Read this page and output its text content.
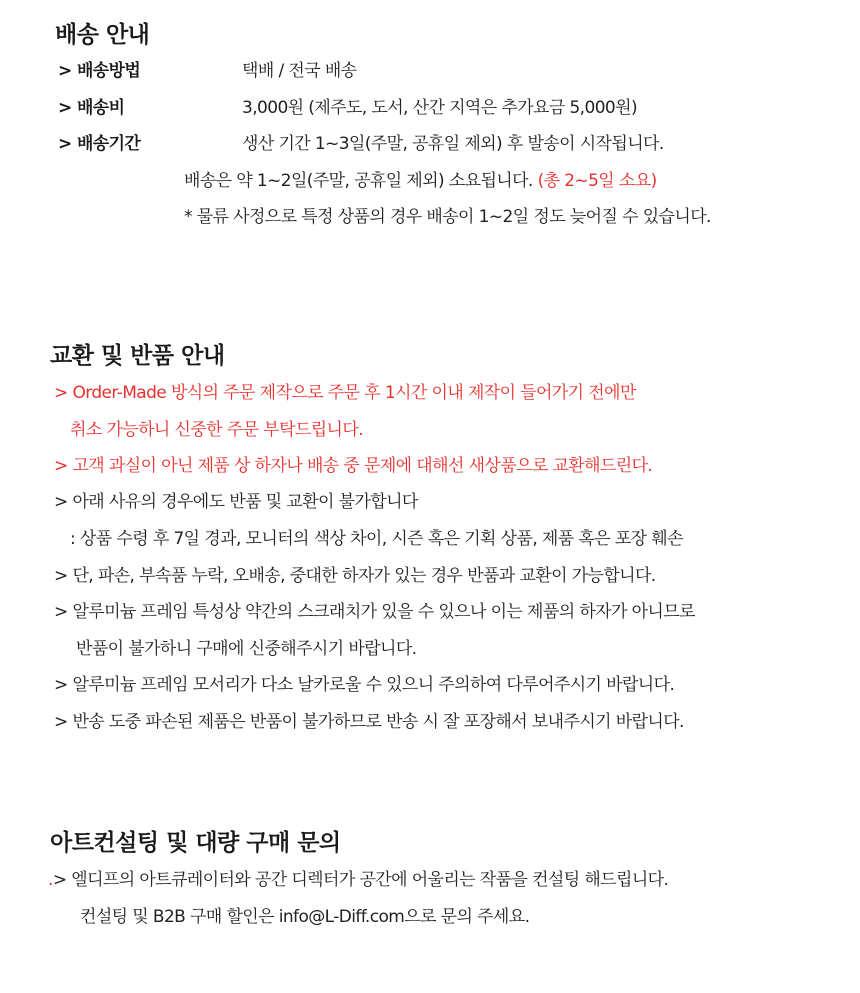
배송 안내
> 배송방법	택배 / 전국 배송
> 배송비	3,000원 (제주도, 도서, 산간 지역은 추가요금 5,000원)
> 배송기간	생산 기간 1~3일(주말, 공휴일 제외) 후 발송이 시작됩니다.
배송은 약 1~2일(주말, 공휴일 제외) 소요됩니다. (총 2~5일 소요)
* 물류 사정으로 특정 상품의 경우 배송이 1~2일 정도 늦어질 수 있습니다.
교환 및 반품 안내
> Order-Made 방식의 주문 제작으로 주문 후 1시간 이내 제작이 들어가기 전에만
취소 가능하니 신중한 주문 부탁드립니다.
> 고객 과실이 아닌 제품 상 하자나 배송 중 문제에 대해선 새상품으로 교환해드린다.
> 아래 사유의 경우에도 반품 및 교환이 불가합니다
: 상품 수령 후 7일 경과, 모니터의 색상 차이, 시즌 혹은 기획 상품, 제품 혹은 포장 훼손
> 단, 파손, 부속품 누락, 오배송, 중대한 하자가 있는 경우 반품과 교환이 가능합니다.
> 알루미늄 프레임 특성상 약간의 스크래치가 있을 수 있으나 이는 제품의 하자가 아니므로
반품이 불가하니 구매에 신중해주시기 바랍니다.
> 알루미늄 프레임 모서리가 다소 날카로울 수 있으니 주의하여 다루어주시기 바랍니다.
> 반송 도중 파손된 제품은 반품이 불가하므로 반송 시 잘 포장해서 보내주시기 바랍니다.
아트컨설팅 및 대량 구매 문의
.> 엘디프의 아트큐레이터와 공간 디렉터가 공간에 어울리는 작품을 컨설팅 해드립니다.
컨설팅 및 B2B 구매 할인은 info@L-Diff.com으로 문의 주세요.
